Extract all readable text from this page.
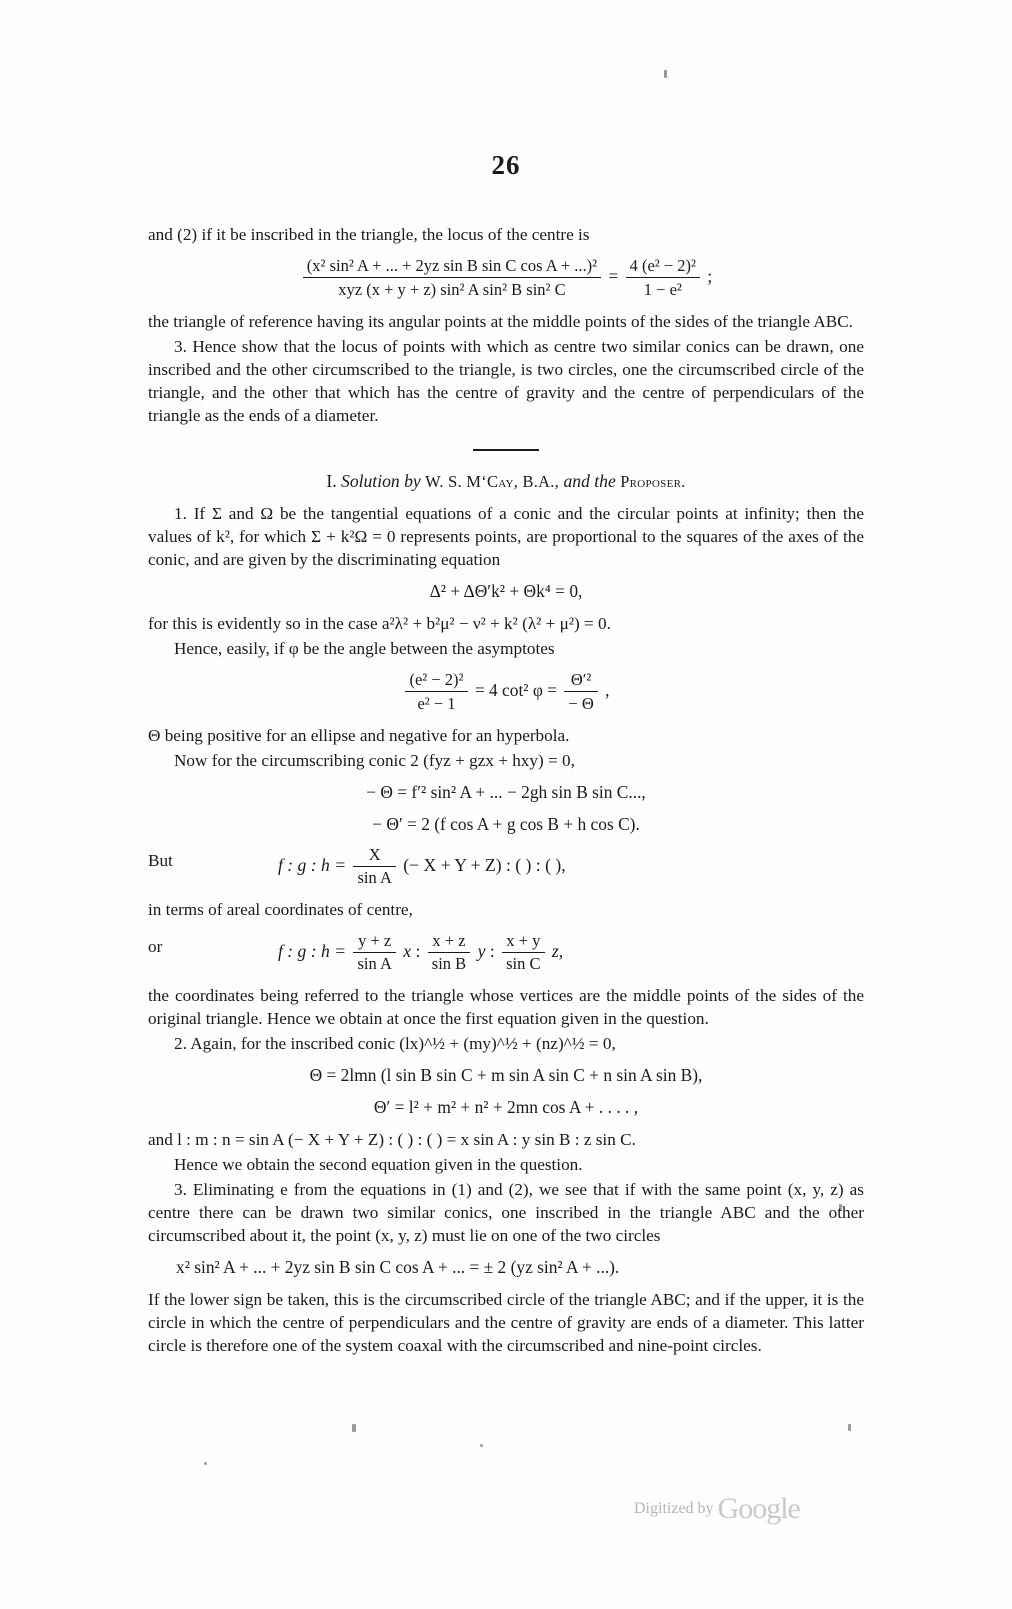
26

and (2) if it be inscribed in the triangle, the locus of the centre is

$\frac{\text{(x² sin² A + ... + 2yz sin B sin C cos A + ...)²}}{\text{xyz (x + y + z) sin² A sin² B sin² C}} = \frac{\text{4 (e² − 2)²}}{\text{1 − e²}}$ ;

the triangle of reference having its angular points at the middle points of the sides of the triangle ABC.

3. Hence show that the locus of points with which as centre two similar conics can be drawn, one inscribed and the other circumscribed to the triangle, is two circles, one the circumscribed circle of the triangle, and the other that which has the centre of gravity and the centre of perpendiculars of the triangle as the ends of a diameter.

I. Solution by W. S. M‘Cay, B.A., and the Proposer.

1. If Σ and Ω be the tangential equations of a conic and the circular points at infinity; then the values of k², for which Σ + k²Ω = 0 represents points, are proportional to the squares of the axes of the conic, and are given by the discriminating equation

Δ² + ΔΘ′k² + Θk⁴ = 0,

for this is evidently so in the case a²λ² + b²μ² − ν² + k² (λ² + μ²) = 0.

Hence, easily, if φ be the angle between the asymptotes

$\frac{\text{(e² − 2)²}}{\text{e² − 1}} = 4$ cot² $\varphi = \frac{\text{Θ′²}}{- \Theta}$ ,

Θ being positive for an ellipse and negative for an hyperbola.

Now for the circumscribing conic 2 (fyz + gzx + hxy) = 0,

− Θ = f′² sin² A + ... − 2gh sin B sin C...,
− Θ′ = 2 (f cos A + g cos B + h cos C).
But	f : g : $h = \frac{X}{\text{sin A}}$ (− X + Y + Z) : ( ) : ( ),

in terms of areal coordinates of centre,

or	f : g : $h = \frac{y + z}{\text{sin A}}$ x : $\frac{x + z}{\text{sin B}}$ y : $\frac{x + y}{\text{sin C}} z$,

the coordinates being referred to the triangle whose vertices are the middle points of the sides of the original triangle. Hence we obtain at once the first equation given in the question.

2. Again, for the inscribed conic (lx)^½ + (my)^½ + (nz)^½ = 0,

Θ = 2lmn (l sin B sin C + m sin A sin C + n sin A sin B),
Θ′ = l² + m² + n² + 2mn cos A + . . . . ,

and l : m : n = sin A (− X + Y + Z) : ( ) : ( ) = x sin A : y sin B : z sin C.

Hence we obtain the second equation given in the question.

3. Eliminating e from the equations in (1) and (2), we see that if with the same point (x, y, z) as centre there can be drawn two similar conics, one inscribed in the triangle ABC and the other circumscribed about it, the point (x, y, z) must lie on one of the two circles

x² sin² A + ... + 2yz sin B sin C cos A + ... = ± 2 (yz sin² A + ...).

If the lower sign be taken, this is the circumscribed circle of the triangle ABC; and if the upper, it is the circle in which the centre of perpendiculars and the centre of gravity are ends of a diameter. This latter circle is therefore one of the system coaxal with the circumscribed and nine-point circles.

Digitized by Google
